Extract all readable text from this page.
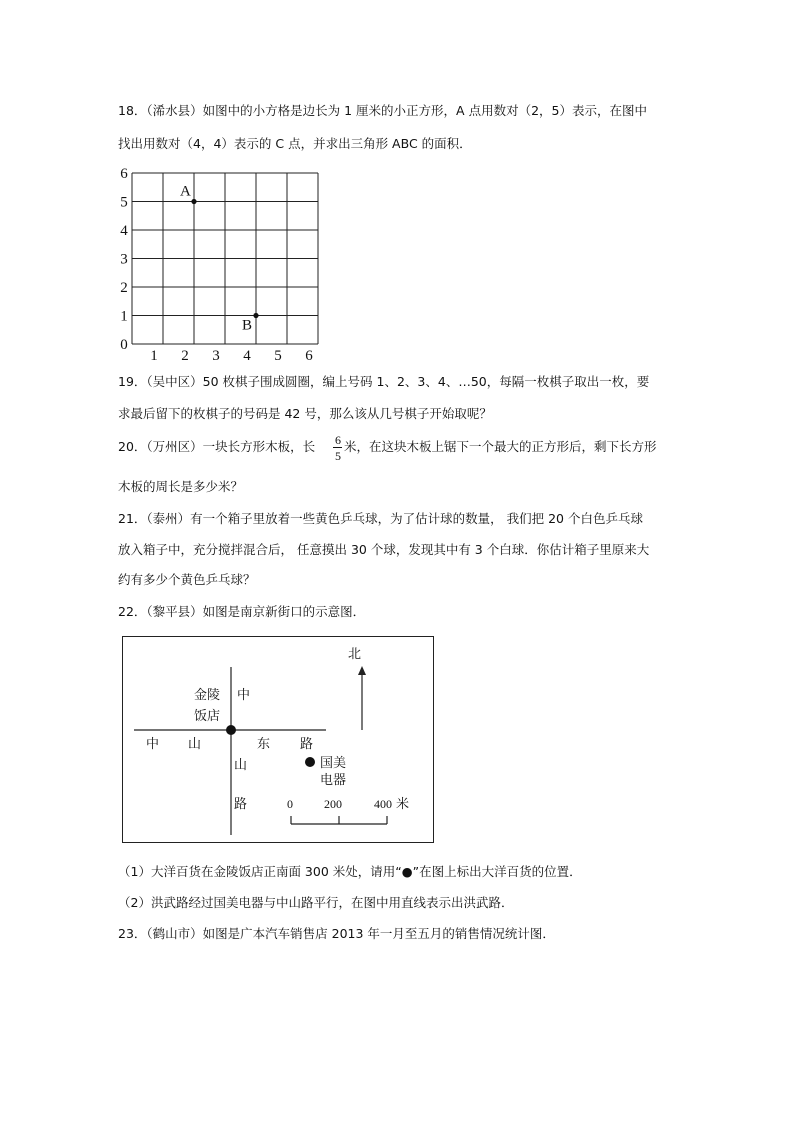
18．（浠水县）如图中的小方格是边长为 1 厘米的小正方形，A 点用数对（2，5）表示，在图中
找出用数对（4，4）表示的 C 点，并求出三角形 ABC 的面积．
0
1
2
3
4
5
6
1 2 3 4 5 6
A
B
19．（吴中区）50 枚棋子围成圆圈，编上号码 1、2、3、4、…50，每隔一枚棋子取出一枚，要
求最后留下的枚棋子的号码是 42 号，那么该从几号棋子开始取呢？
20．（万州区）一块长方形木板，长 6
5
米，在这块木板上锯下一个最大的正方形后，剩下长方形
木板的周长是多少米？
21．（泰州）有一个箱子里放着一些黄色乒乓球，为了估计球的数量， 我们把 20 个白色乒乓球
放入箱子中，充分搅拌混合后， 任意摸出 30 个球，发现其中有 3 个白球．你估计箱子里原来大
约有多少个黄色乒乓球？
22．（黎平县）如图是南京新街口的示意图．
北
金陵
饭店
中
中 山	东 路
山
路
国美
电器
米
0	200	400
（1）大洋百货在金陵饭店正南面 300 米处，请用“●”在图上标出大洋百货的位置．
（2）洪武路经过国美电器与中山路平行，在图中用直线表示出洪武路．
23．（鹤山市）如图是广本汽车销售店 2013 年一月至五月的销售情况统计图．
